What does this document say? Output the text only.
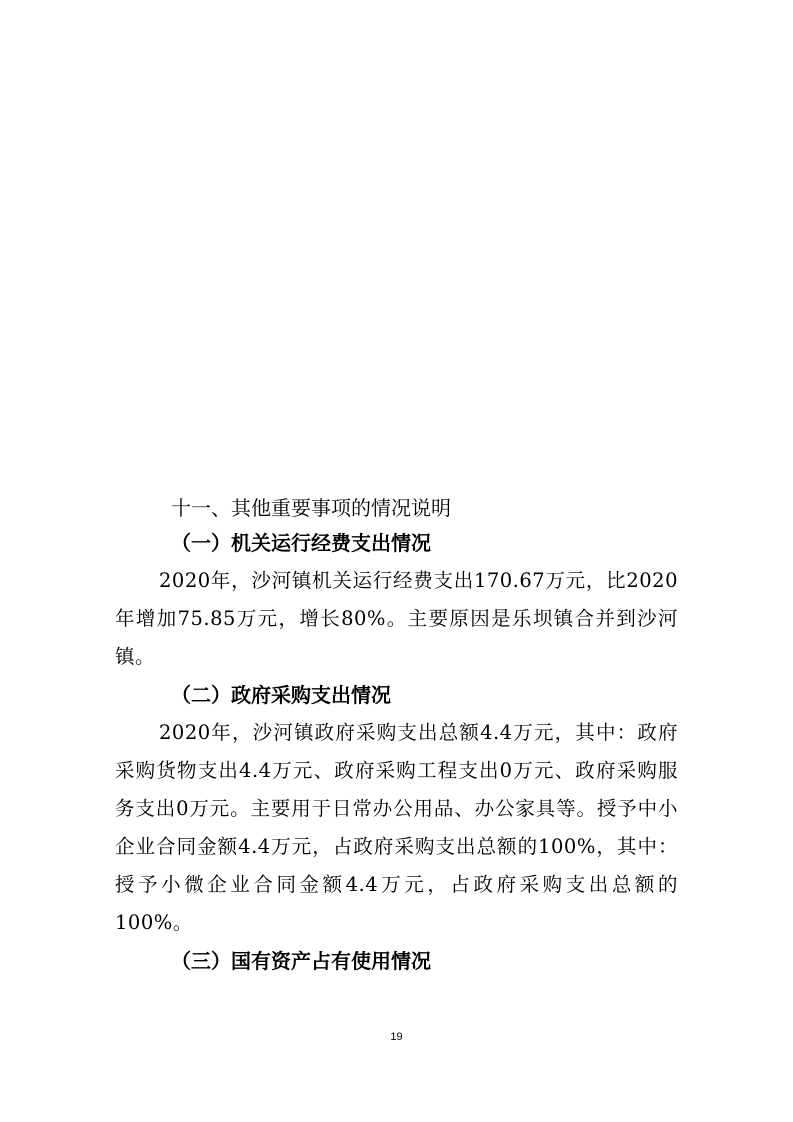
十一、其他重要事项的情况说明
（一）机关运行经费支出情况

2020年，沙河镇机关运行经费支出170.67万元，比2020年增加75.85万元，增长80%。主要原因是乐坝镇合并到沙河镇。

（二）政府采购支出情况

2020年，沙河镇政府采购支出总额4.4万元，其中：政府采购货物支出4.4万元、政府采购工程支出0万元、政府采购服务支出0万元。主要用于日常办公用品、办公家具等。授予中小企业合同金额4.4万元，占政府采购支出总额的100%，其中：授予小微企业合同金额4.4万元，占政府采购支出总额的100%。

（三）国有资产占有使用情况
19
